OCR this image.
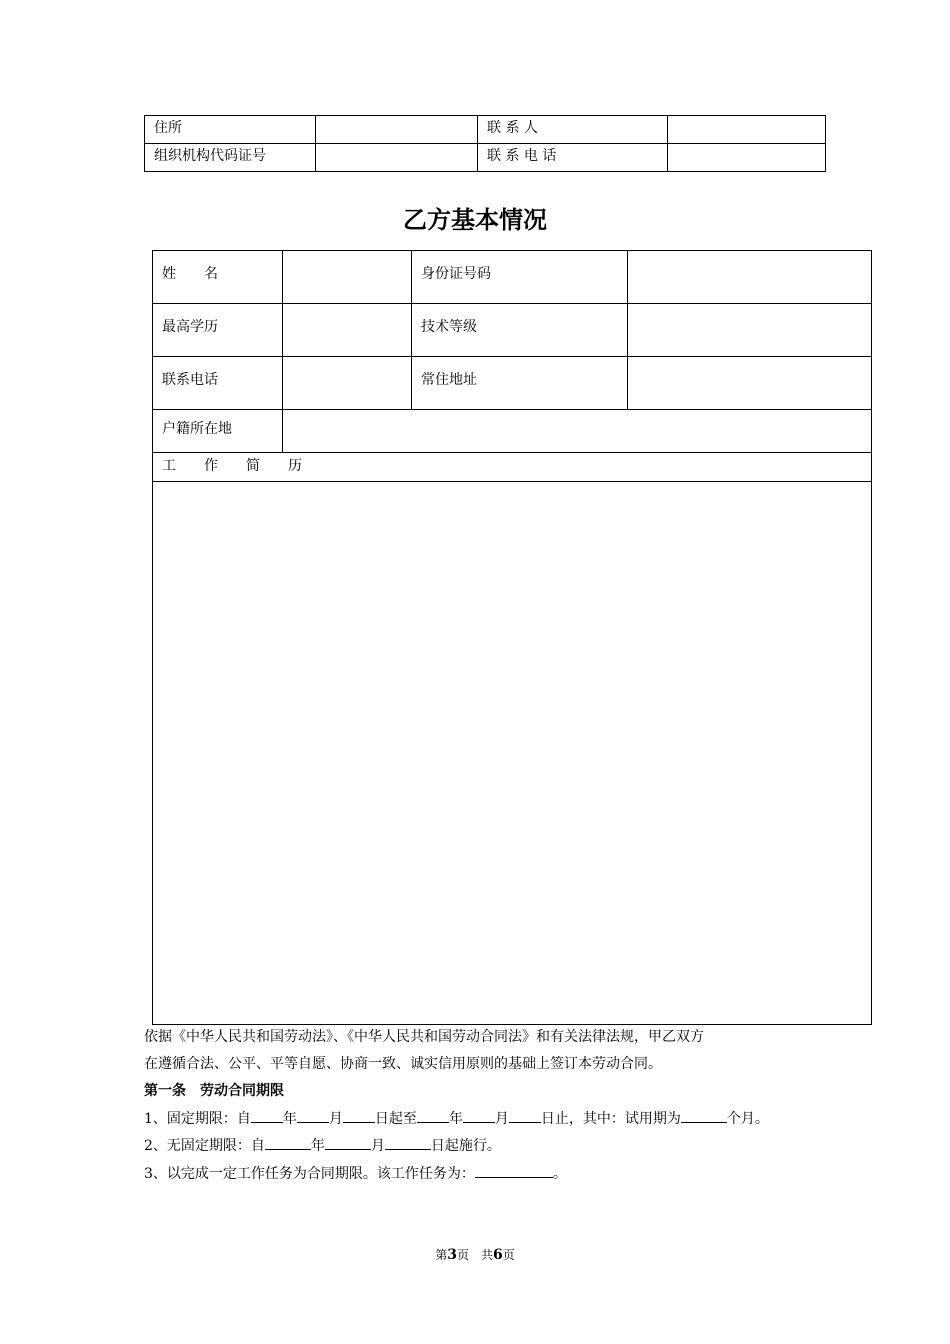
住所		联 系 人	
组织机构代码证号		联 系 电 话	
乙方基本情况
姓　　名		身份证号码	
最高学历		技术等级	
联系电话		常住地址	
户籍所在地			
工　　作　　简　　历			

依据《中华人民共和国劳动法》、《中华人民共和国劳动合同法》和有关法律法规，甲乙双方
在遵循合法、公平、平等自愿、协商一致、诚实信用原则的基础上签订本劳动合同。
第一条　劳动合同期限
1、固定期限：自 年 月 日起至 年 月 日止，其中：试用期为	个月。
2、无固定期限：自	年	月	日起施行。
3、以完成一定工作任务为合同期限。该工作任务为：	。
第3页　共6页
